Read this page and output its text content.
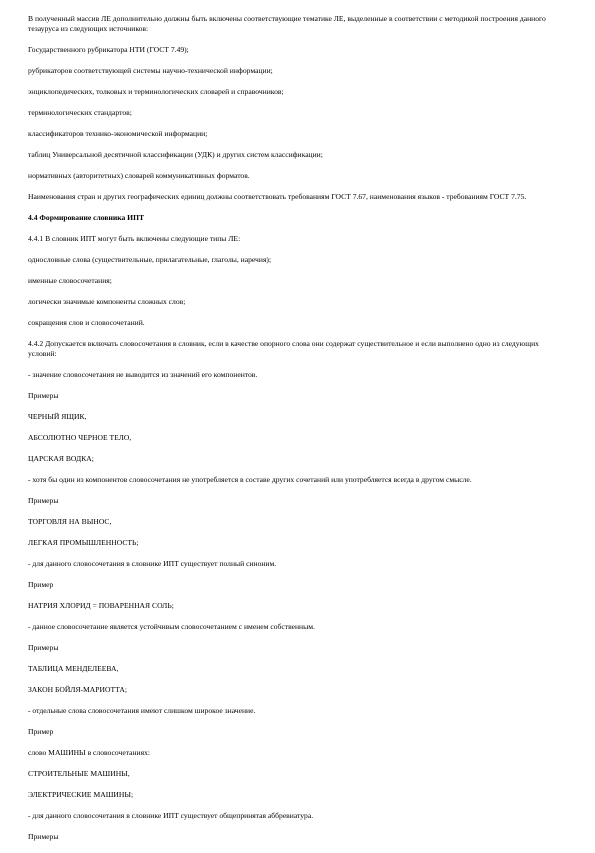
В полученный массив ЛЕ дополнительно должны быть включены соответствующие тематике ЛЕ, выделенные в соответствии с методикой построения данного тезауруса из следующих источников:

Государственного рубрикатора НТИ (ГОСТ 7.49);

рубрикаторов соответствующей системы научно-технической информации;

энциклопедических, толковых и терминологических словарей и справочников;

терминологических стандартов;

классификаторов технико-экономической информации;

таблиц Универсальной десятичной классификации (УДК) и других систем классификации;

нормативных (авторитетных) словарей коммуникативных форматов.

Наименования стран и других географических единиц должны соответствовать требованиям ГОСТ 7.67, наименования языков - требованиям ГОСТ 7.75.

4.4 Формирование словника ИПТ

4.4.1 В словник ИПТ могут быть включены следующие типы ЛЕ:

однословные слова (существительные, прилагательные, глаголы, наречия);

именные словосочетания;

логически значимые компоненты сложных слов;

сокращения слов и словосочетаний.

4.4.2 Допускается включать словосочетания в словник, если в качестве опорного слова они содержат существительное и если выполнено одно из следующих условий:

- значение словосочетания не выводится из значений его компонентов.

Примеры

ЧЕРНЫЙ ЯЩИК,

АБСОЛЮТНО ЧЕРНОЕ ТЕЛО,

ЦАРСКАЯ ВОДКА;

- хотя бы один из компонентов словосочетания не употребляется в составе других сочетаний или употребляется всегда в другом смысле.

Примеры

ТОРГОВЛЯ НА ВЫНОС,

ЛЕГКАЯ ПРОМЫШЛЕННОСТЬ;

- для данного словосочетания в словнике ИПТ существует полный синоним.

Пример

НАТРИЯ ХЛОРИД = ПОВАРЕННАЯ СОЛЬ;

- данное словосочетание является устойчивым словосочетанием с именем собственным.

Примеры

ТАБЛИЦА МЕНДЕЛЕЕВА,

ЗАКОН БОЙЛЯ-МАРИОТТА;

- отдельные слова словосочетания имеют слишком широкое значение.

Пример

слово МАШИНЫ в словосочетаниях:

СТРОИТЕЛЬНЫЕ МАШИНЫ,

ЭЛЕКТРИЧЕСКИЕ МАШИНЫ;

- для данного словосочетания в словнике ИПТ существует общепринятая аббревиатура.

Примеры
